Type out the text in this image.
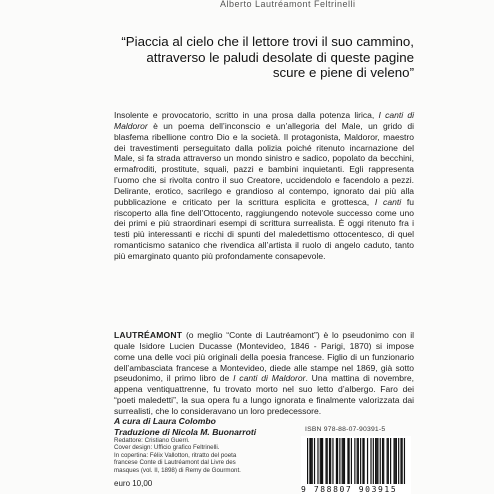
Alberto Lautréamont Feltrinelli
“Piaccia al cielo che il lettore trovi il suo cammino, attraverso le paludi desolate di queste pagine scure e piene di veleno”
Insolente e provocatorio, scritto in una prosa dalla potenza lirica, I canti di Maldoror è un poema dell’inconscio e un’allegoria del Male, un grido di blasfema ribellione contro Dio e la società. Il protagonista, Maldoror, maestro dei travestimenti perseguitato dalla polizia poiché ritenuto incarnazione del Male, si fa strada attraverso un mondo sinistro e sadico, popolato da becchini, ermafroditi, prostitute, squali, pazzi e bambini inquietanti. Egli rappresenta l’uomo che si rivolta contro il suo Creatore, uccidendolo e facendolo a pezzi. Delirante, erotico, sacrilego e grandioso al contempo, ignorato dai più alla pubblicazione e criticato per la scrittura esplicita e grottesca, I canti fu riscoperto alla fine dell’Ottocento, raggiungendo notevole successo come uno dei primi e più straordinari esempi di scrittura surrealista. È oggi ritenuto fra i testi più interessanti e ricchi di spunti del maledettismo ottocentesco, di quel romanticismo satanico che rivendica all’artista il ruolo di angelo caduto, tanto più emarginato quanto più profondamente consapevole.
LAUTRÉAMONT (o meglio “Conte di Lautréamont”) è lo pseudonimo con il quale Isidore Lucien Ducasse (Montevideo, 1846 - Parigi, 1870) si impose come una delle voci più originali della poesia francese. Figlio di un funzionario dell’ambasciata francese a Montevideo, diede alle stampe nel 1869, già sotto pseudonimo, il primo libro de I canti di Maldoror. Una mattina di novembre, appena ventiquattrenne, fu trovato morto nel suo letto d’albergo. Faro dei “poeti maledetti”, la sua opera fu a lungo ignorata e finalmente valorizzata dai surrealisti, che lo consideravano un loro predecessore.
A cura di Laura Colombo
Traduzione di Nicola M. Buonarroti
Redattore: Cristiano Guerri.
Cover design: Ufficio grafico Feltrinelli.
In copertina: Félix Vallotton, ritratto del poeta
francese Conte di Lautréamont dal Livre des
masques (vol. II, 1898) di Remy de Gourmont.
euro 10,00
ISBN 978-88-07-90391-5
9 788807 903915
